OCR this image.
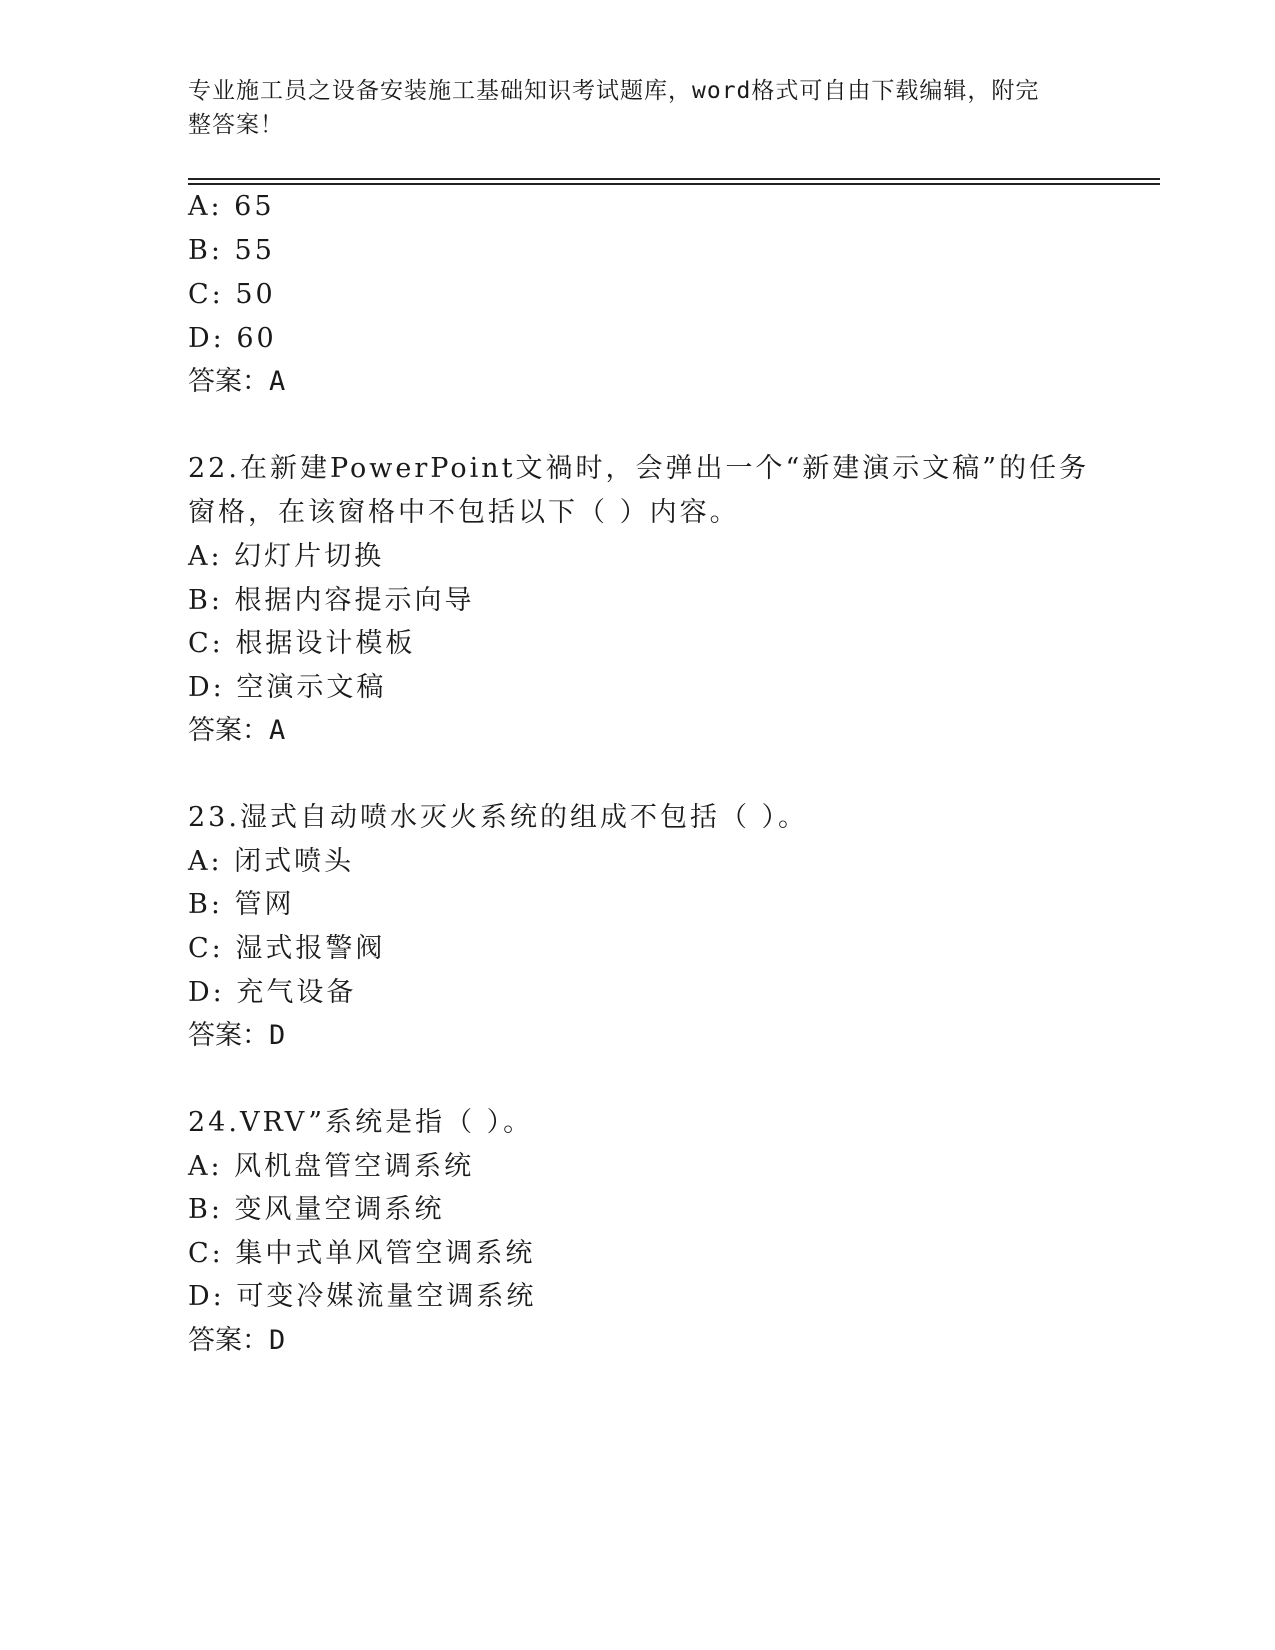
专业施工员之设备安装施工基础知识考试题库，word格式可自由下载编辑，附完
整答案！
A: 65
B: 55
C: 50
D: 60
答案：A
22.在新建PowerPoint文禍时，会弹出一个“新建演示文稿”的任务
窗格，在该窗格中不包括以下（ ）内容。
A: 幻灯片切换
B: 根据内容提示向导
C: 根据设计模板
D: 空演示文稿
答案：A
23.湿式自动喷水灭火系统的组成不包括（ ）。
A: 闭式喷头
B: 管网
C: 湿式报警阀
D: 充气设备
答案：D
24.VRV”系统是指（ ）。
A: 风机盘管空调系统
B: 变风量空调系统
C: 集中式单风管空调系统
D: 可变冷媒流量空调系统
答案：D
